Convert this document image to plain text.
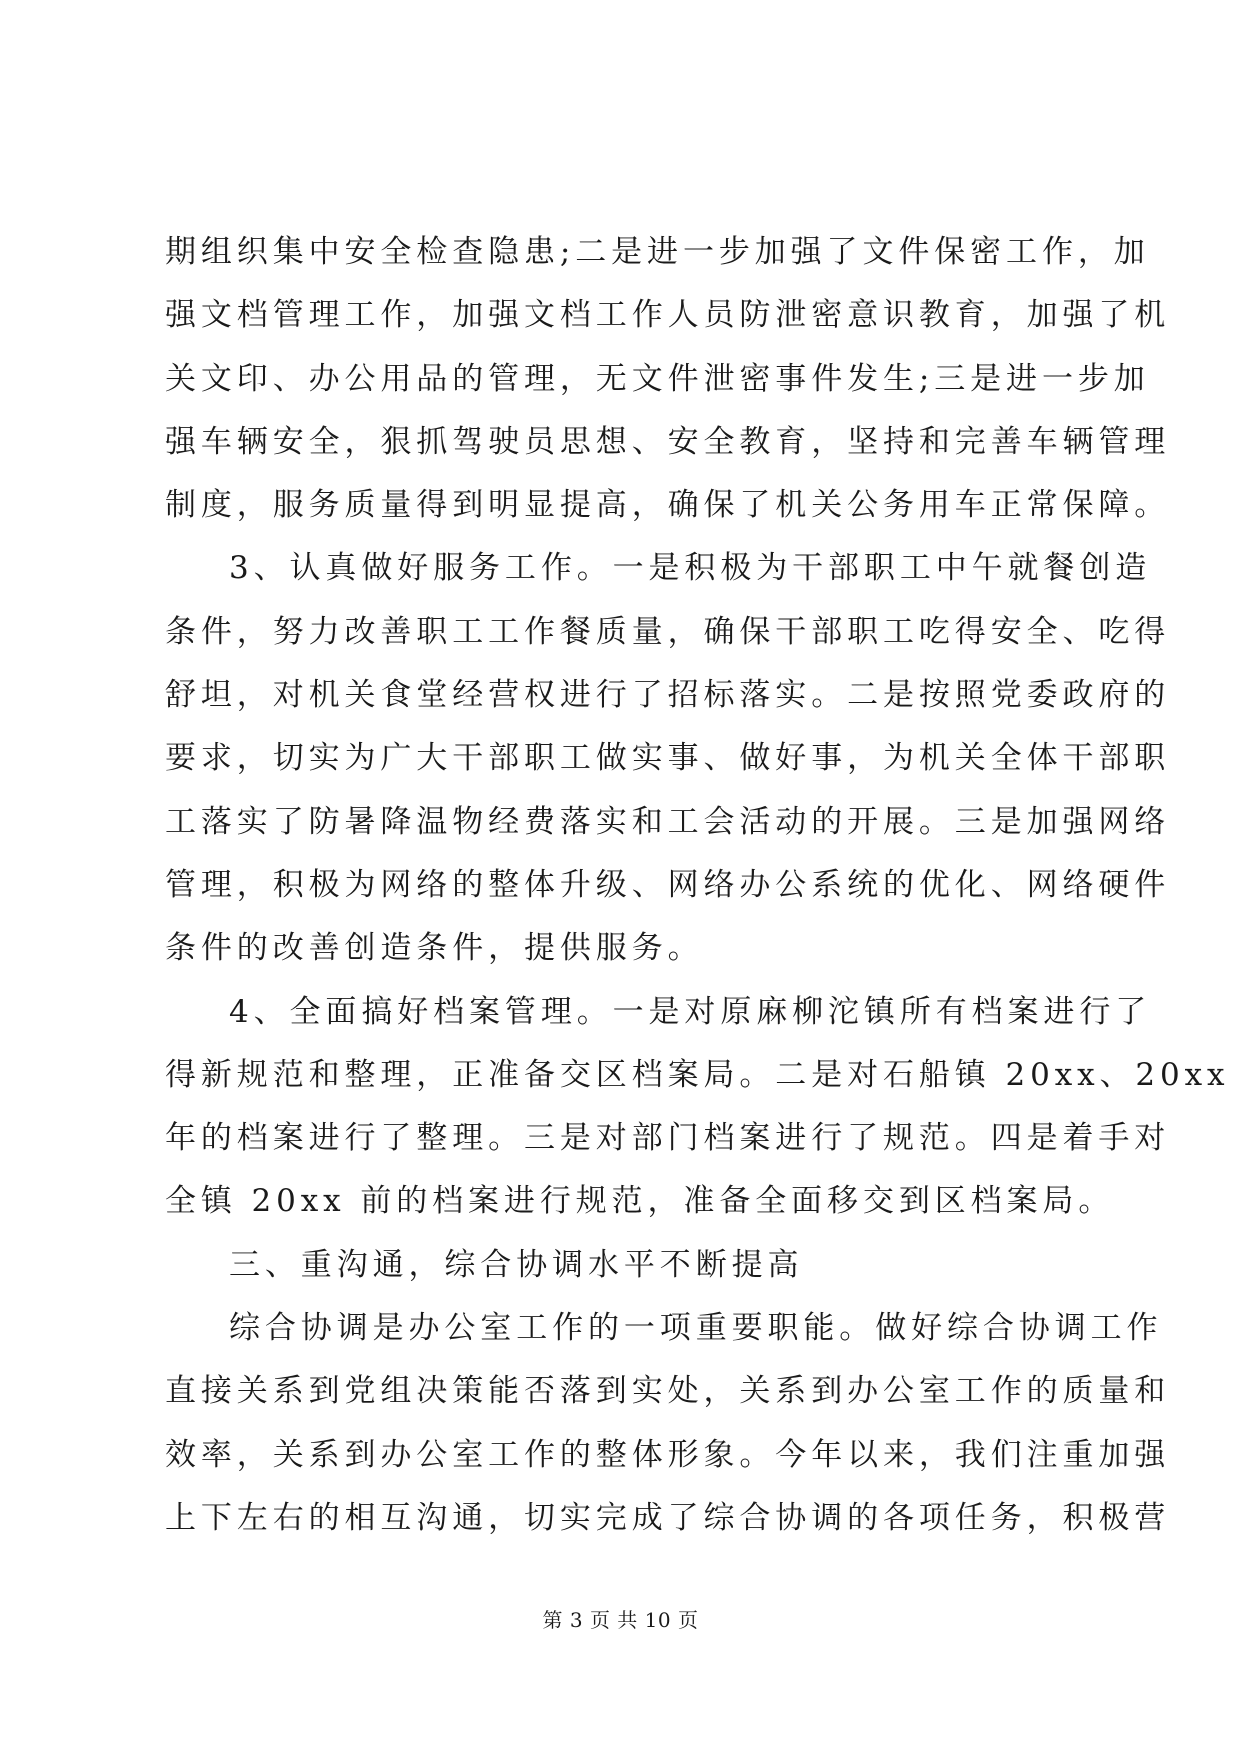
期组织集中安全检查隐患;二是进一步加强了文件保密工作，加
强文档管理工作，加强文档工作人员防泄密意识教育，加强了机
关文印、办公用品的管理，无文件泄密事件发生;三是进一步加
强车辆安全，狠抓驾驶员思想、安全教育，坚持和完善车辆管理
制度，服务质量得到明显提高，确保了机关公务用车正常保障。
3、认真做好服务工作。一是积极为干部职工中午就餐创造
条件，努力改善职工工作餐质量，确保干部职工吃得安全、吃得
舒坦，对机关食堂经营权进行了招标落实。二是按照党委政府的
要求，切实为广大干部职工做实事、做好事，为机关全体干部职
工落实了防暑降温物经费落实和工会活动的开展。三是加强网络
管理，积极为网络的整体升级、网络办公系统的优化、网络硬件
条件的改善创造条件，提供服务。
4、全面搞好档案管理。一是对原麻柳沱镇所有档案进行了
得新规范和整理，正准备交区档案局。二是对石船镇 20xx、20xx
年的档案进行了整理。三是对部门档案进行了规范。四是着手对
全镇 20xx 前的档案进行规范，准备全面移交到区档案局。
三、重沟通，综合协调水平不断提高
综合协调是办公室工作的一项重要职能。做好综合协调工作
直接关系到党组决策能否落到实处，关系到办公室工作的质量和
效率，关系到办公室工作的整体形象。今年以来，我们注重加强
上下左右的相互沟通，切实完成了综合协调的各项任务，积极营
第 3 页 共 10 页
